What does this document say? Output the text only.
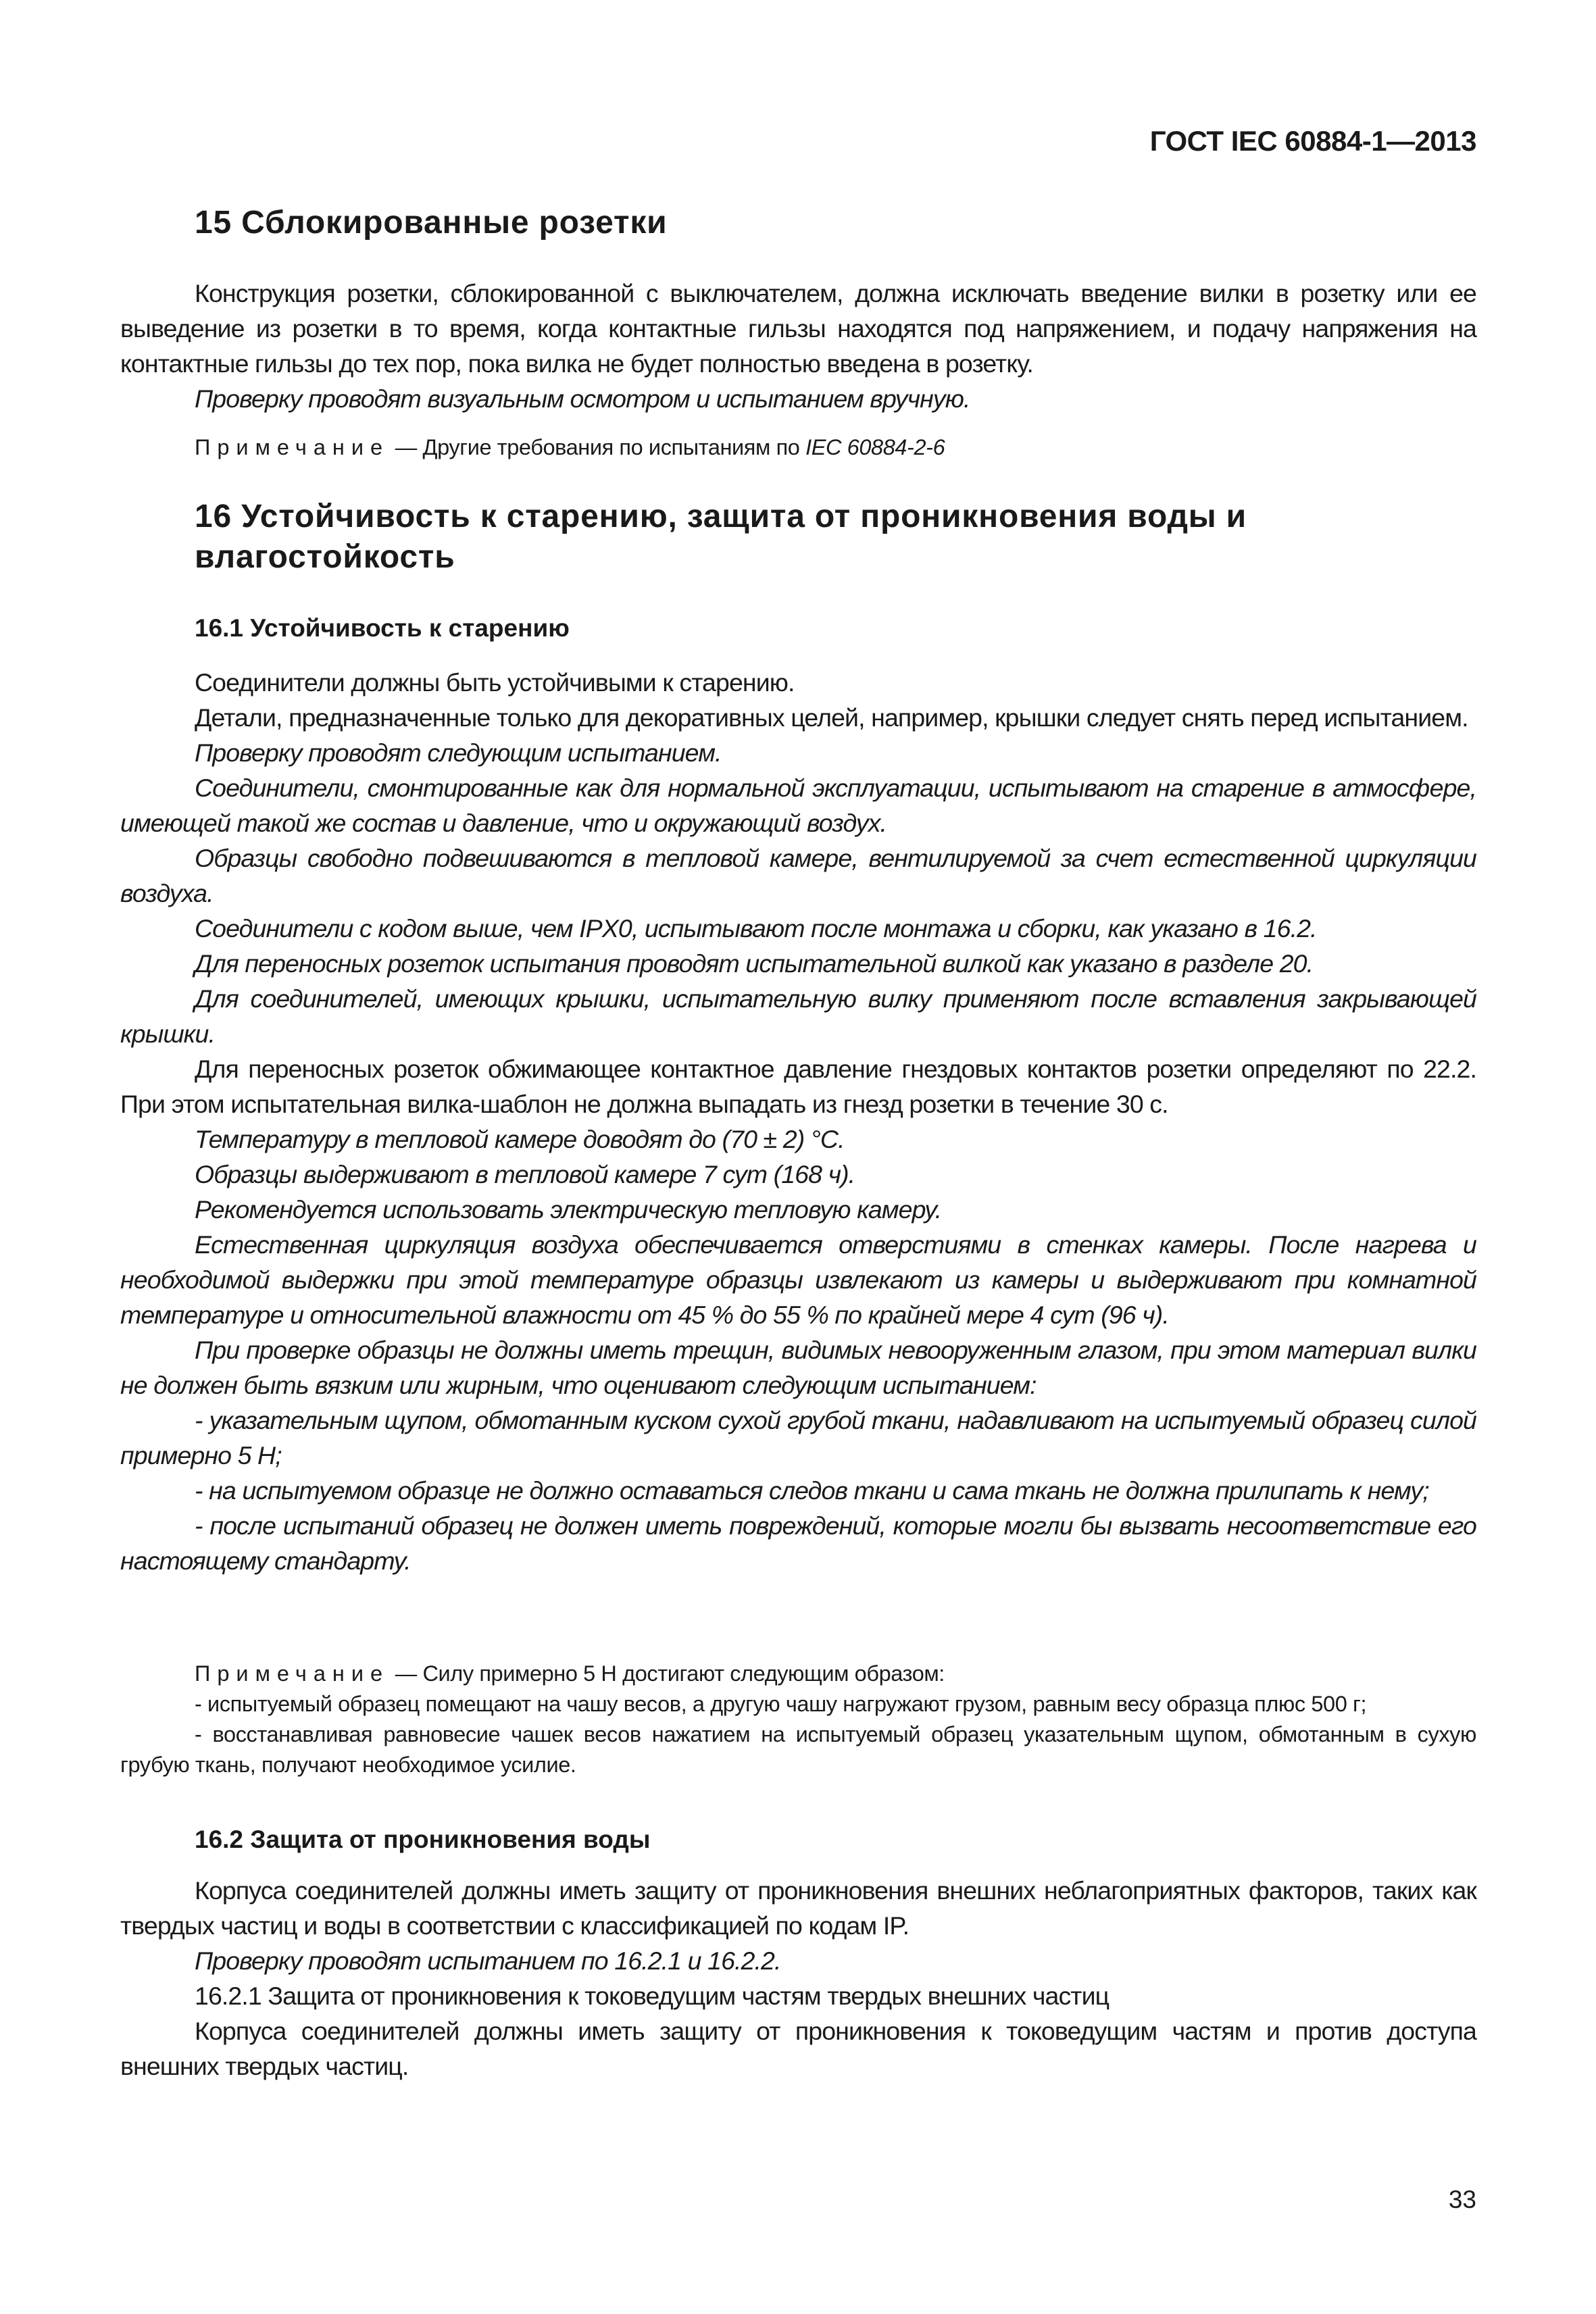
ГОСТ IEC 60884-1—2013
15 Сблокированные розетки

Конструкция розетки, сблокированной с выключателем, должна исключать введение вилки в розетку или ее выведение из розетки в то время, когда контактные гильзы находятся под напряжением, и подачу напряжения на контактные гильзы до тех пор, пока вилка не будет полностью введена в розетку.

Проверку проводят визуальным осмотром и испытанием вручную.

Примечание — Другие требования по испытаниям по IEC 60884-2-6

16 Устойчивость к старению, защита от проникновения воды и влагостойкость
16.1 Устойчивость к старению

Соединители должны быть устойчивыми к старению.

Детали, предназначенные только для декоративных целей, например, крышки следует снять перед испытанием.

Проверку проводят следующим испытанием.

Соединители, смонтированные как для нормальной эксплуатации, испытывают на старение в атмосфере, имеющей такой же состав и давление, что и окружающий воздух.

Образцы свободно подвешиваются в тепловой камере, вентилируемой за счет естественной циркуляции воздуха.

Соединители с кодом выше, чем IPX0, испытывают после монтажа и сборки, как указано в 16.2.

Для переносных розеток испытания проводят испытательной вилкой как указано в разделе 20.

Для соединителей, имеющих крышки, испытательную вилку применяют после вставления закрывающей крышки.

Для переносных розеток обжимающее контактное давление гнездовых контактов розетки определяют по 22.2. При этом испытательная вилка-шаблон не должна выпадать из гнезд розетки в течение 30 с.

Температуру в тепловой камере доводят до (70 ± 2) °С.

Образцы выдерживают в тепловой камере 7 сут (168 ч).

Рекомендуется использовать электрическую тепловую камеру.

Естественная циркуляция воздуха обеспечивается отверстиями в стенках камеры. После нагрева и необходимой выдержки при этой температуре образцы извлекают из камеры и выдерживают при комнатной температуре и относительной влажности от 45 % до 55 % по крайней мере 4 сут (96 ч).

При проверке образцы не должны иметь трещин, видимых невооруженным глазом, при этом материал вилки не должен быть вязким или жирным, что оценивают следующим испытанием:

- указательным щупом, обмотанным куском сухой грубой ткани, надавливают на испытуемый образец силой примерно 5 Н;

- на испытуемом образце не должно оставаться следов ткани и сама ткань не должна прилипать к нему;

- после испытаний образец не должен иметь повреждений, которые могли бы вызвать несоответствие его настоящему стандарту.

Примечание — Силу примерно 5 Н достигают следующим образом:

- испытуемый образец помещают на чашу весов, а другую чашу нагружают грузом, равным весу образца плюс 500 г;

- восстанавливая равновесие чашек весов нажатием на испытуемый образец указательным щупом, обмотанным в сухую грубую ткань, получают необходимое усилие.

16.2 Защита от проникновения воды

Корпуса соединителей должны иметь защиту от проникновения внешних неблагоприятных факторов, таких как твердых частиц и воды в соответствии с классификацией по кодам IP.

Проверку проводят испытанием по 16.2.1 и 16.2.2.

16.2.1 Защита от проникновения к токоведущим частям твердых внешних частиц

Корпуса соединителей должны иметь защиту от проникновения к токоведущим частям и против доступа внешних твердых частиц.

33
